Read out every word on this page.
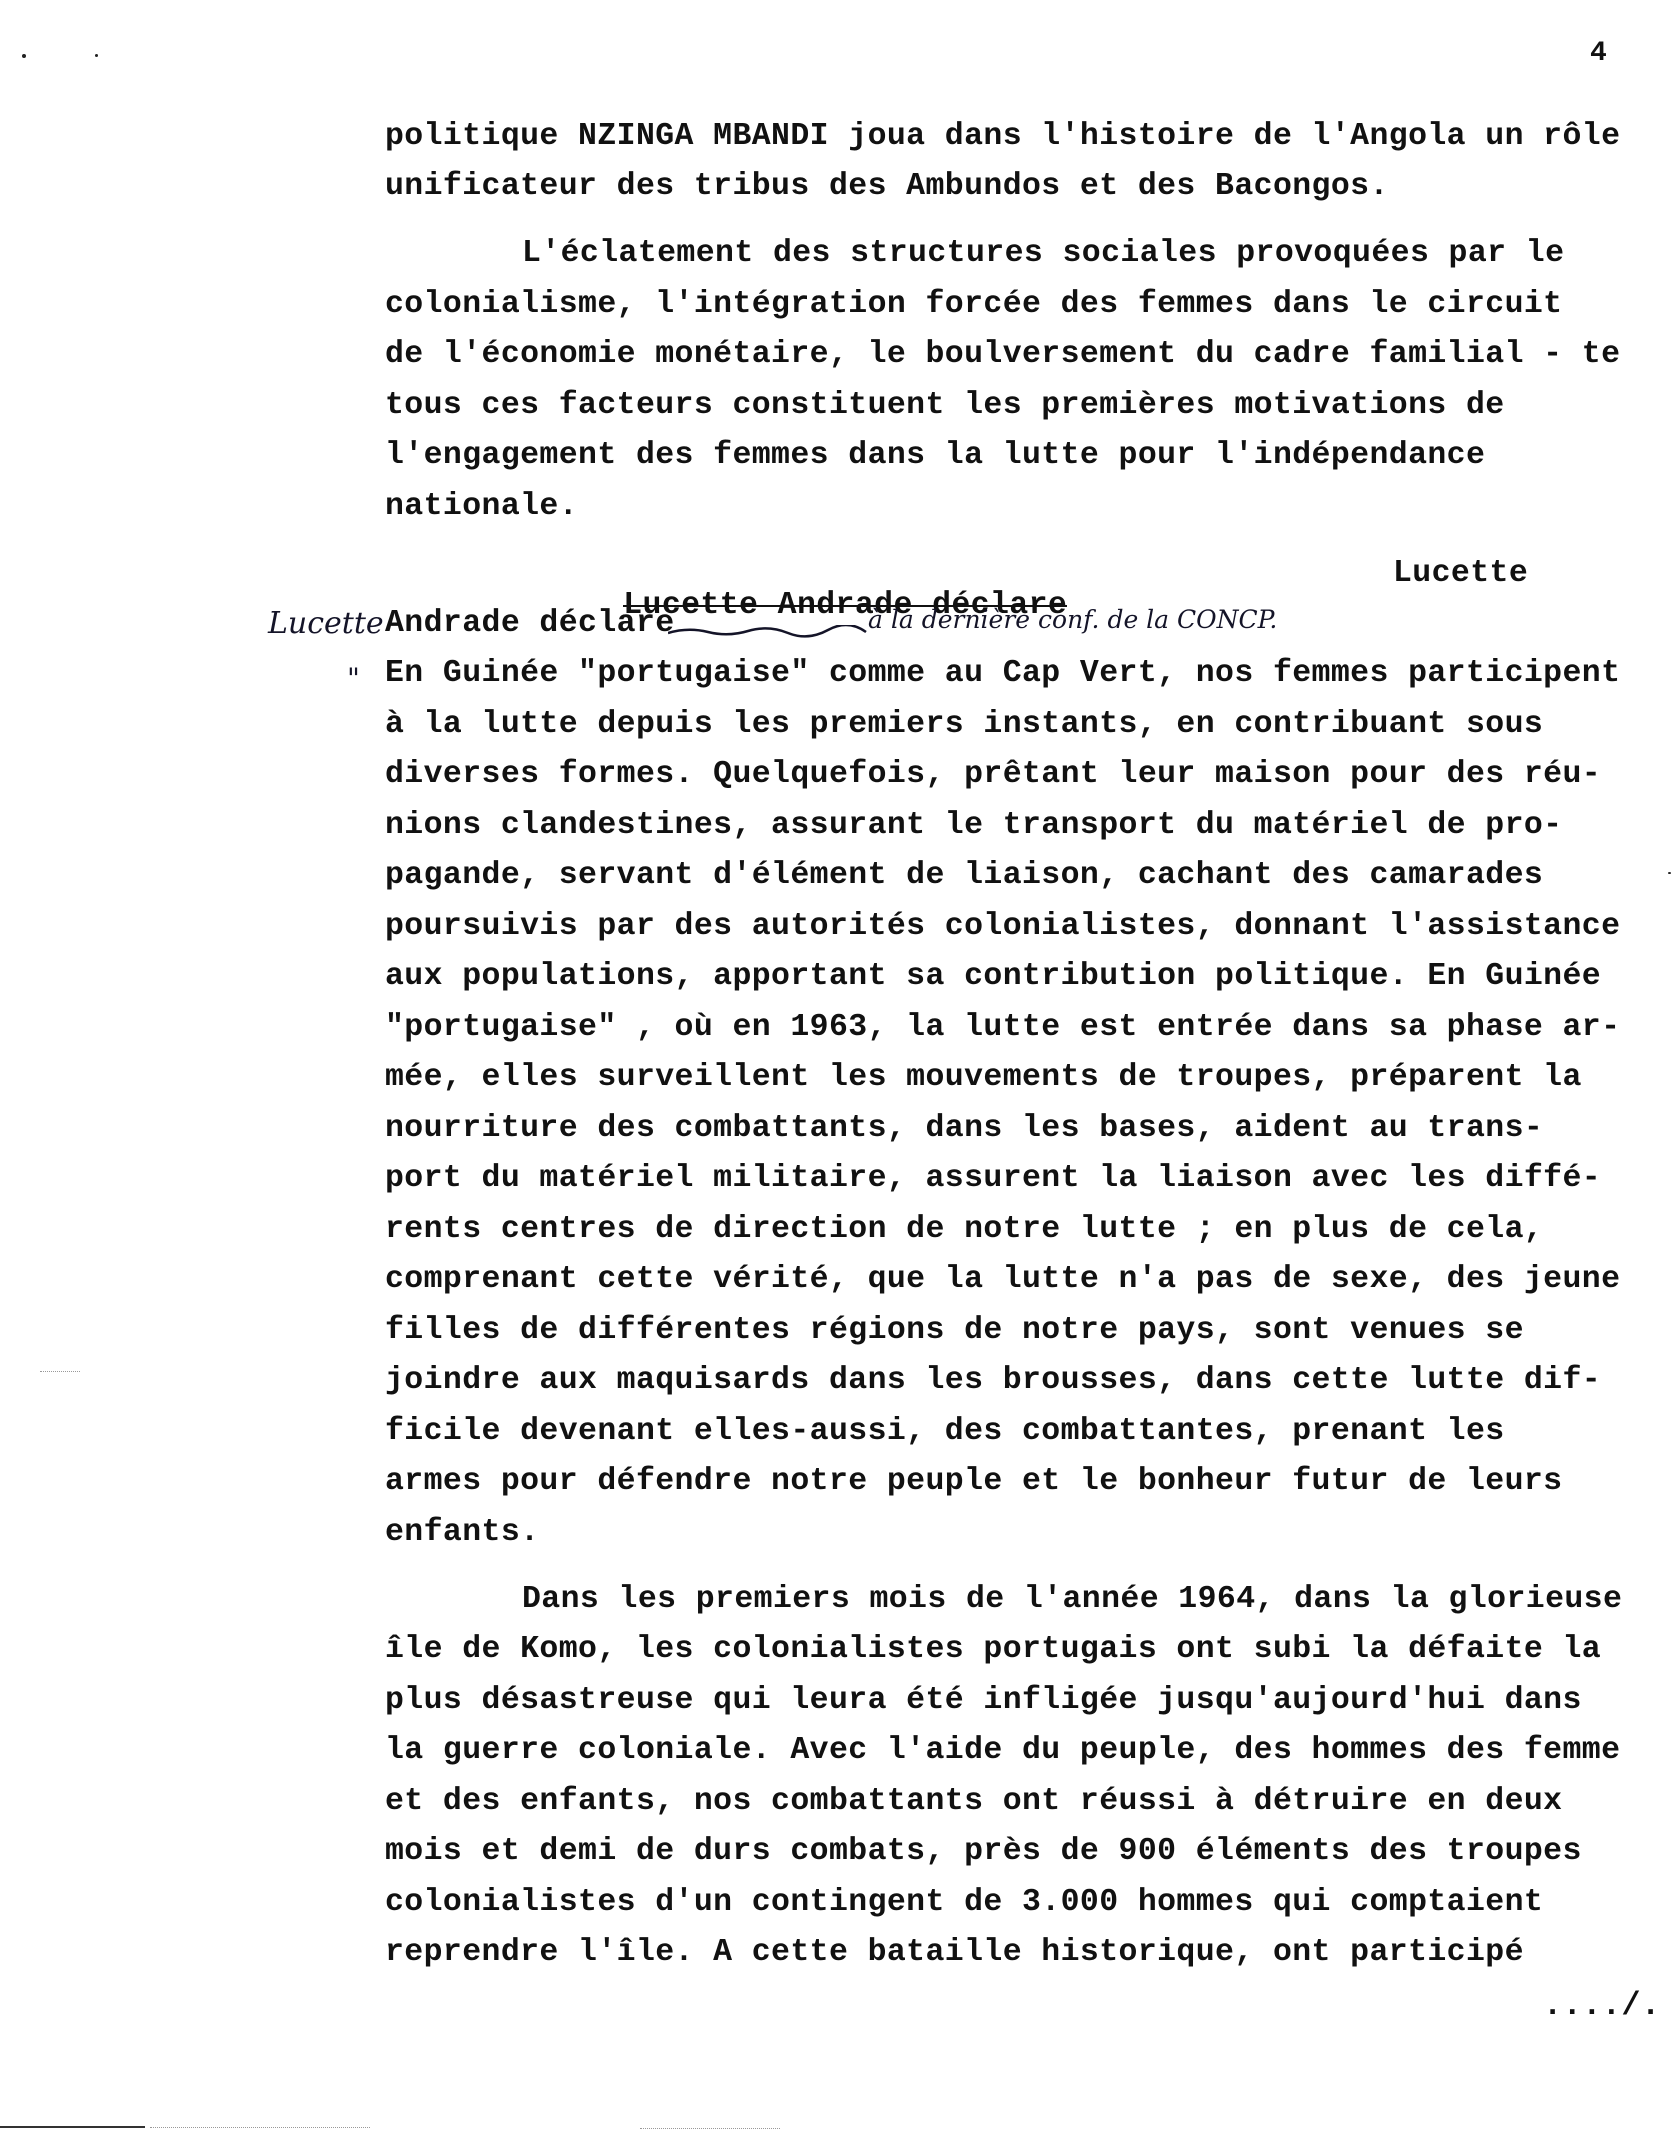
4
politique NZINGA MBANDI joua dans l'histoire de l'Angola un rôle
unificateur des tribus des Ambundos et des Bacongos.
L'éclatement des structures sociales provoquées par le
colonialisme, l'intégration forcée des femmes dans le circuit
de l'économie monétaire, le boulversement du cadre familial - te
tous ces facteurs constituent les premières motivations de
l'engagement des femmes dans la lutte pour l'indépendance
nationale.

Lucette Andrade déclare

Lucette
Lucette Andrade déclare	à la dernière conf. de la CONCP.
" En Guinée "portugaise" comme au Cap Vert, nos femmes participent
à la lutte depuis les premiers instants, en contribuant sous
diverses formes. Quelquefois, prêtant leur maison pour des réu-
nions clandestines, assurant le transport du matériel de pro-
pagande, servant d'élément de liaison, cachant des camarades
poursuivis par des autorités colonialistes, donnant l'assistance
aux populations, apportant sa contribution politique. En Guinée
"portugaise" , où en 1963, la lutte est entrée dans sa phase ar-
mée, elles surveillent les mouvements de troupes, préparent la
nourriture des combattants, dans les bases, aident au trans-
port du matériel militaire, assurent la liaison avec les diffé-
rents centres de direction de notre lutte ; en plus de cela,
comprenant cette vérité, que la lutte n'a pas de sexe, des jeune
filles de différentes régions de notre pays, sont venues se
joindre aux maquisards dans les brousses, dans cette lutte dif-
ficile devenant elles-aussi, des combattantes, prenant les
armes pour défendre notre peuple et le bonheur futur de leurs
enfants.
Dans les premiers mois de l'année 1964, dans la glorieuse
île de Komo, les colonialistes portugais ont subi la défaite la
plus désastreuse qui leura été infligée jusqu'aujourd'hui dans
la guerre coloniale. Avec l'aide du peuple, des hommes des femme
et des enfants, nos combattants ont réussi à détruire en deux
mois et demi de durs combats, près de 900 éléments des troupes
colonialistes d'un contingent de 3.000 hommes qui comptaient
reprendre l'île. A cette bataille historique, ont participé
..../.
